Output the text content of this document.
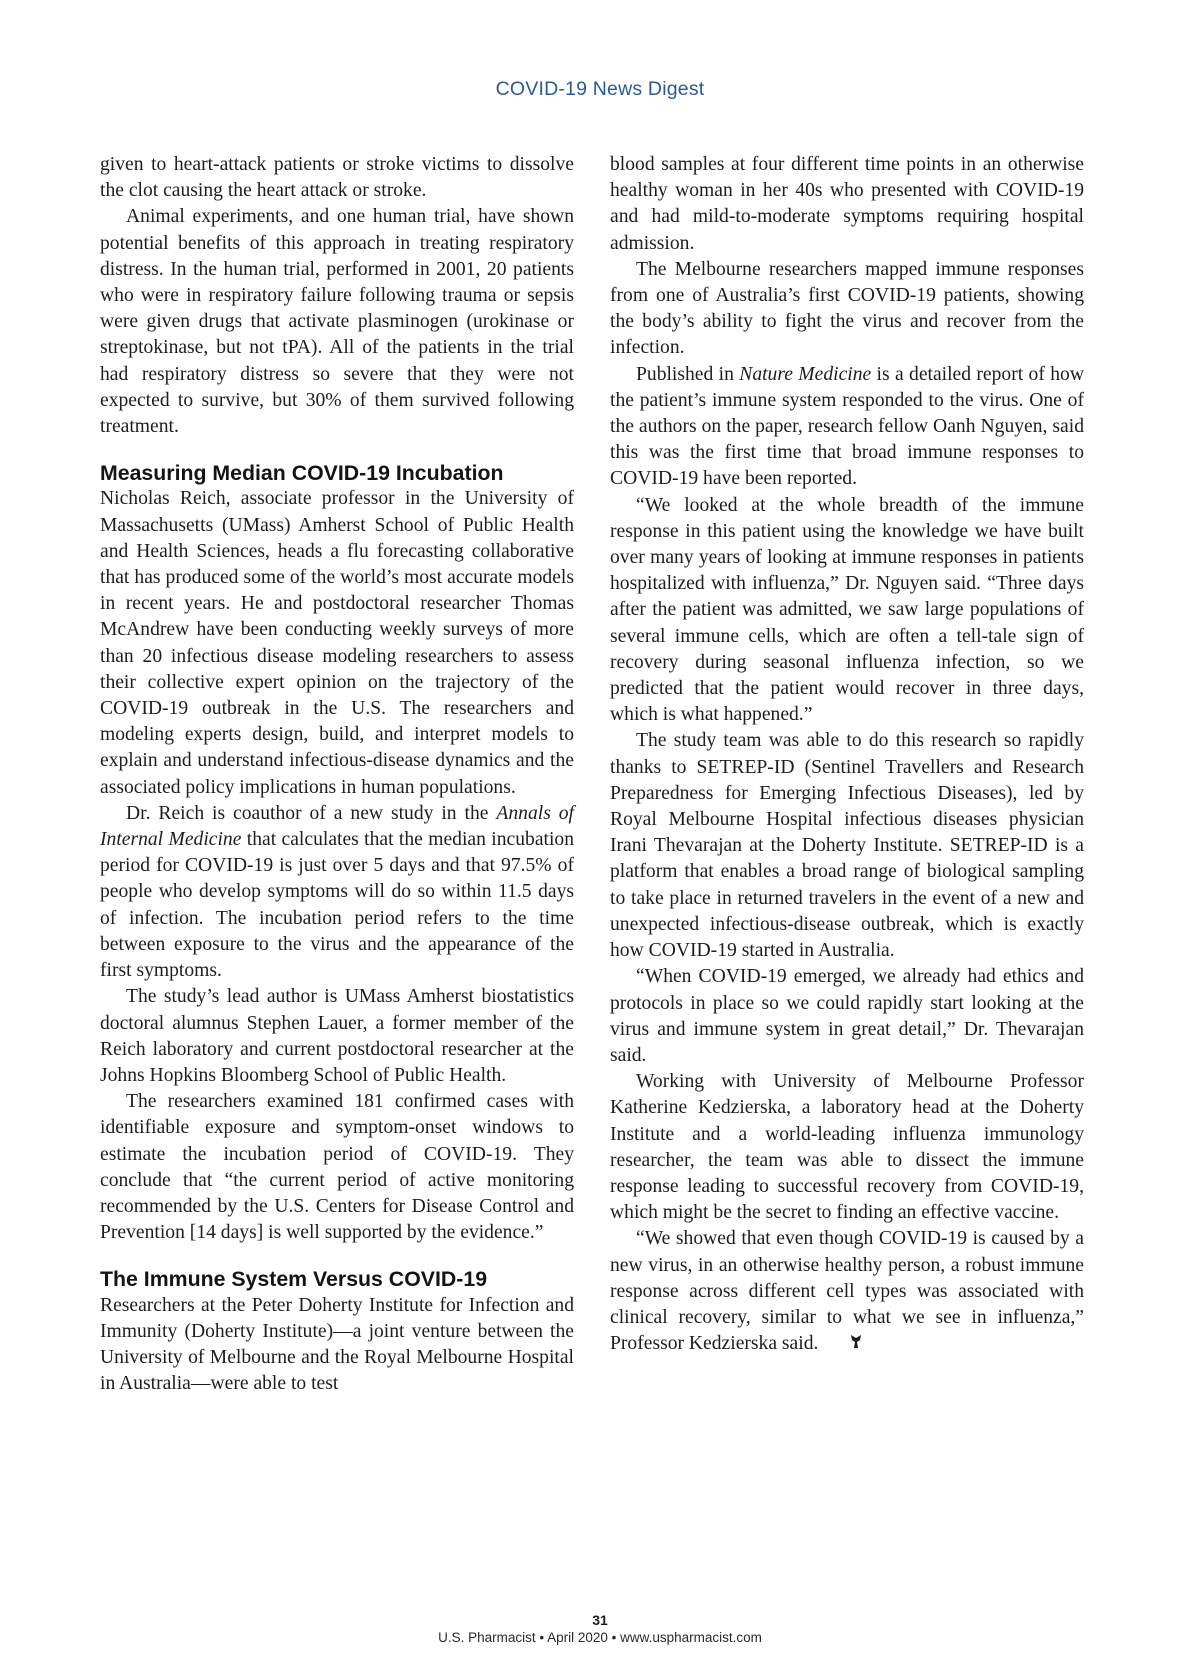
COVID-19 News Digest

given to heart-attack patients or stroke victims to dissolve the clot causing the heart attack or stroke.

Animal experiments, and one human trial, have shown potential benefits of this approach in treating respiratory distress. In the human trial, performed in 2001, 20 patients who were in respiratory failure following trauma or sepsis were given drugs that activate plasminogen (urokinase or streptokinase, but not tPA). All of the patients in the trial had respiratory distress so severe that they were not expected to survive, but 30% of them survived following treatment.

Measuring Median COVID-19 Incubation

Nicholas Reich, associate professor in the University of Massachusetts (UMass) Amherst School of Public Health and Health Sciences, heads a flu forecasting collaborative that has produced some of the world’s most accurate models in recent years. He and postdoctoral researcher Thomas McAndrew have been conducting weekly surveys of more than 20 infectious disease modeling researchers to assess their collective expert opinion on the trajectory of the COVID-19 outbreak in the U.S. The researchers and modeling experts design, build, and interpret models to explain and understand infectious-disease dynamics and the associated policy implications in human populations.

Dr. Reich is coauthor of a new study in the Annals of Internal Medicine that calculates that the median incubation period for COVID-19 is just over 5 days and that 97.5% of people who develop symptoms will do so within 11.5 days of infection. The incubation period refers to the time between exposure to the virus and the appearance of the first symptoms.

The study’s lead author is UMass Amherst biostatistics doctoral alumnus Stephen Lauer, a former member of the Reich laboratory and current postdoctoral researcher at the Johns Hopkins Bloomberg School of Public Health.

The researchers examined 181 confirmed cases with identifiable exposure and symptom-onset windows to estimate the incubation period of COVID-19. They conclude that “the current period of active monitoring recommended by the U.S. Centers for Disease Control and Prevention [14 days] is well supported by the evidence.”

The Immune System Versus COVID-19

Researchers at the Peter Doherty Institute for Infection and Immunity (Doherty Institute)—a joint venture between the University of Melbourne and the Royal Melbourne Hospital in Australia—were able to test

blood samples at four different time points in an otherwise healthy woman in her 40s who presented with COVID-19 and had mild-to-moderate symptoms requiring hospital admission.

The Melbourne researchers mapped immune responses from one of Australia’s first COVID-19 patients, showing the body’s ability to fight the virus and recover from the infection.

Published in Nature Medicine is a detailed report of how the patient’s immune system responded to the virus. One of the authors on the paper, research fellow Oanh Nguyen, said this was the first time that broad immune responses to COVID-19 have been reported.

“We looked at the whole breadth of the immune response in this patient using the knowledge we have built over many years of looking at immune responses in patients hospitalized with influenza,” Dr. Nguyen said. “Three days after the patient was admitted, we saw large populations of several immune cells, which are often a tell-tale sign of recovery during seasonal influenza infection, so we predicted that the patient would recover in three days, which is what happened.”

The study team was able to do this research so rapidly thanks to SETREP-ID (Sentinel Travellers and Research Preparedness for Emerging Infectious Diseases), led by Royal Melbourne Hospital infectious diseases physician Irani Thevarajan at the Doherty Institute. SETREP-ID is a platform that enables a broad range of biological sampling to take place in returned travelers in the event of a new and unexpected infectious-disease outbreak, which is exactly how COVID-19 started in Australia.

“When COVID-19 emerged, we already had ethics and protocols in place so we could rapidly start looking at the virus and immune system in great detail,” Dr. Thevarajan said.

Working with University of Melbourne Professor Katherine Kedzierska, a laboratory head at the Doherty Institute and a world-leading influenza immunology researcher, the team was able to dissect the immune response leading to successful recovery from COVID-19, which might be the secret to finding an effective vaccine.

“We showed that even though COVID-19 is caused by a new virus, in an otherwise healthy person, a robust immune response across different cell types was associated with clinical recovery, similar to what we see in influenza,” Professor Kedzierska said.

31
U.S. Pharmacist • April 2020 • www.uspharmacist.com
